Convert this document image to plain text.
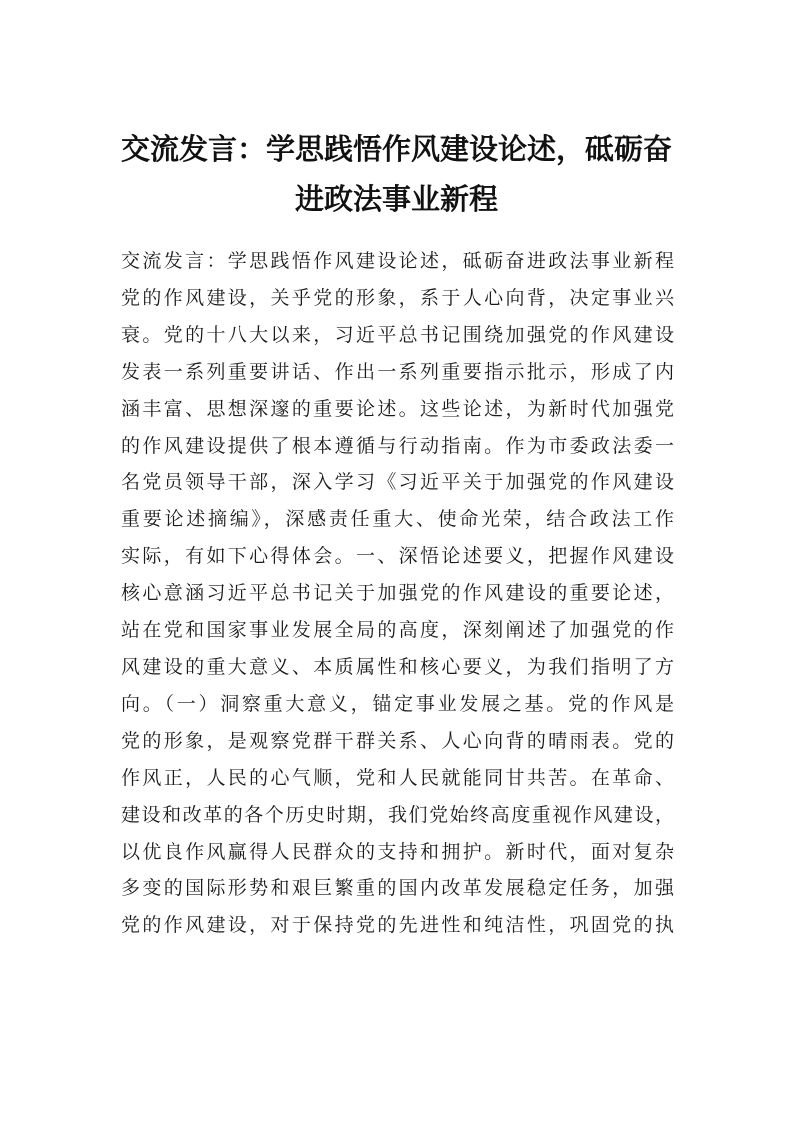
交流发言：学思践悟作风建设论述，砥砺奋
进政法事业新程
交流发言：学思践悟作风建设论述，砥砺奋进政法事业新程
党的作风建设，关乎党的形象，系于人心向背，决定事业兴
衰。党的十八大以来，习近平总书记围绕加强党的作风建设
发表一系列重要讲话、作出一系列重要指示批示，形成了内
涵丰富、思想深邃的重要论述。这些论述，为新时代加强党
的作风建设提供了根本遵循与行动指南。作为市委政法委一
名党员领导干部，深入学习《习近平关于加强党的作风建设
重要论述摘编》，深感责任重大、使命光荣，结合政法工作
实际，有如下心得体会。一、深悟论述要义，把握作风建设
核心意涵习近平总书记关于加强党的作风建设的重要论述，
站在党和国家事业发展全局的高度，深刻阐述了加强党的作
风建设的重大意义、本质属性和核心要义，为我们指明了方
向。（一）洞察重大意义，锚定事业发展之基。党的作风是
党的形象，是观察党群干群关系、人心向背的晴雨表。党的
作风正，人民的心气顺，党和人民就能同甘共苦。在革命、
建设和改革的各个历史时期，我们党始终高度重视作风建设，
以优良作风赢得人民群众的支持和拥护。新时代，面对复杂
多变的国际形势和艰巨繁重的国内改革发展稳定任务，加强
党的作风建设，对于保持党的先进性和纯洁性，巩固党的执
